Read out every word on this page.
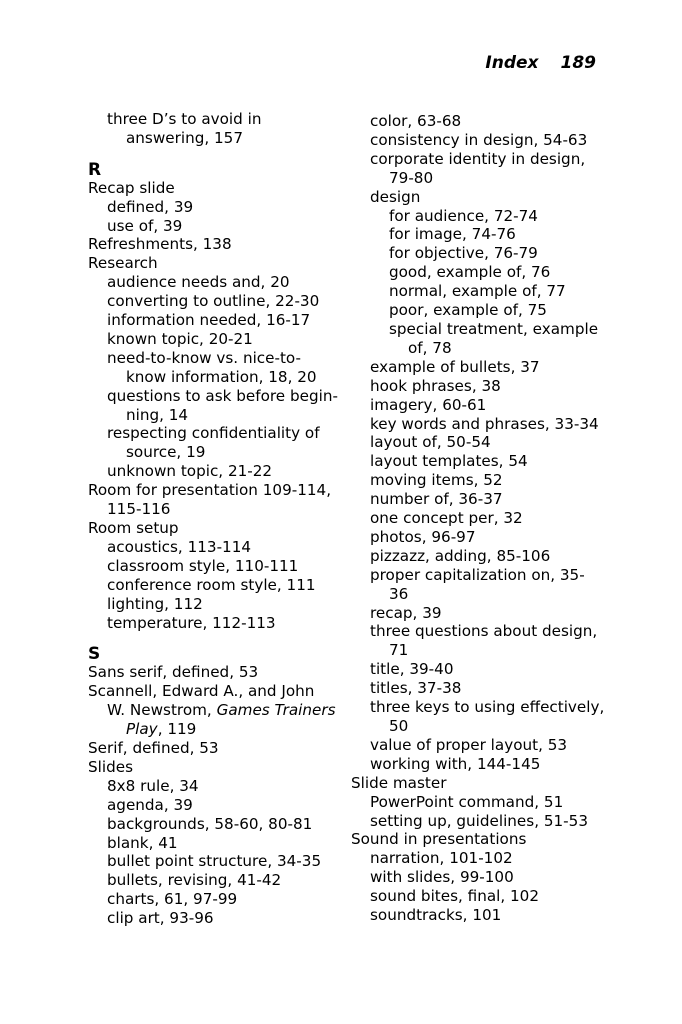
Index 189
three D’s to avoid in
answering, 157
R
Recap slide
defined, 39
use of, 39
Refreshments, 138
Research
audience needs and, 20
converting to outline, 22-30
information needed, 16-17
known topic, 20-21
need-to-know vs. nice-to-
know information, 18, 20
questions to ask before begin-
ning, 14
respecting confidentiality of
source, 19
unknown topic, 21-22
Room for presentation 109-114,
115-116
Room setup
acoustics, 113-114
classroom style, 110-111
conference room style, 111
lighting, 112
temperature, 112-113
S
Sans serif, defined, 53
Scannell, Edward A., and John
W. Newstrom, Games Trainers
Play, 119
Serif, defined, 53
Slides
8x8 rule, 34
agenda, 39
backgrounds, 58-60, 80-81
blank, 41
bullet point structure, 34-35
bullets, revising, 41-42
charts, 61, 97-99
clip art, 93-96
color, 63-68
consistency in design, 54-63
corporate identity in design,
79-80
design
for audience, 72-74
for image, 74-76
for objective, 76-79
good, example of, 76
normal, example of, 77
poor, example of, 75
special treatment, example
of, 78
example of bullets, 37
hook phrases, 38
imagery, 60-61
key words and phrases, 33-34
layout of, 50-54
layout templates, 54
moving items, 52
number of, 36-37
one concept per, 32
photos, 96-97
pizzazz, adding, 85-106
proper capitalization on, 35-
36
recap, 39
three questions about design,
71
title, 39-40
titles, 37-38
three keys to using effectively,
50
value of proper layout, 53
working with, 144-145
Slide master
PowerPoint command, 51
setting up, guidelines, 51-53
Sound in presentations
narration, 101-102
with slides, 99-100
sound bites, final, 102
soundtracks, 101
